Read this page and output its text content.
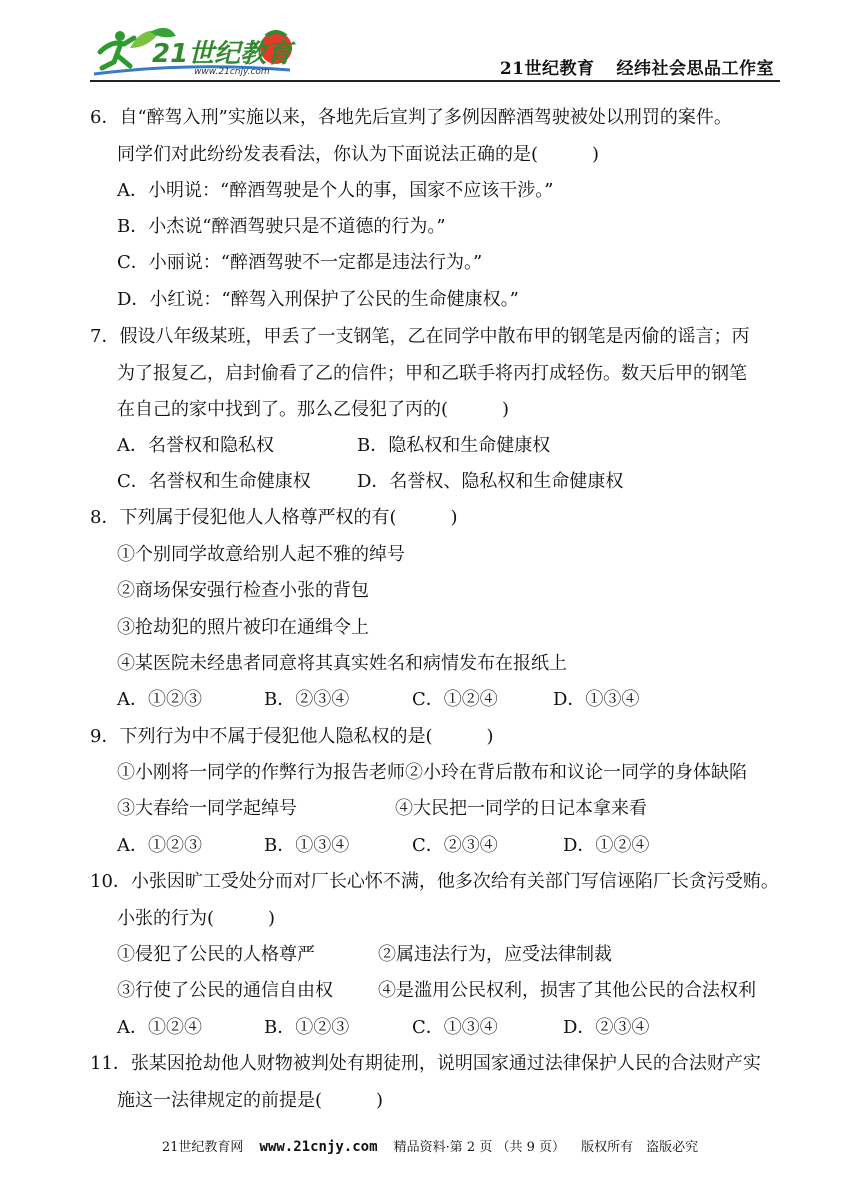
21世纪教育
www.21cnjy.com	21世纪教育 经纬社会思品工作室
6．自“醉驾入刑”实施以来，各地先后宣判了多例因醉酒驾驶被处以刑罚的案件。
同学们对此纷纷发表看法，你认为下面说法正确的是(　　　)
A．小明说：“醉酒驾驶是个人的事，国家不应该干涉。”
B．小杰说“醉酒驾驶只是不道德的行为。”
C．小丽说：“醉酒驾驶不一定都是违法行为。”
D．小红说：“醉驾入刑保护了公民的生命健康权。”
7．假设八年级某班，甲丢了一支钢笔，乙在同学中散布甲的钢笔是丙偷的谣言；丙
为了报复乙，启封偷看了乙的信件；甲和乙联手将丙打成轻伤。数天后甲的钢笔
在自己的家中找到了。那么乙侵犯了丙的(　　　)
A．名誉权和隐私权	B．隐私权和生命健康权
C．名誉权和生命健康权	D．名誉权、隐私权和生命健康权
8．下列属于侵犯他人人格尊严权的有(　　　)
①个别同学故意给别人起不雅的绰号
②商场保安强行检查小张的背包
③抢劫犯的照片被印在通缉令上
④某医院未经患者同意将其真实姓名和病情发布在报纸上
A．①②③	B．②③④	C．①②④	D．①③④
9．下列行为中不属于侵犯他人隐私权的是(　　　)
①小刚将一同学的作弊行为报告老师②小玲在背后散布和议论一同学的身体缺陷
③大春给一同学起绰号	④大民把一同学的日记本拿来看
A．①②③	B．①③④	C．②③④	D．①②④
10．小张因旷工受处分而对厂长心怀不满，他多次给有关部门写信诬陷厂长贪污受贿。
小张的行为(　　　)
①侵犯了公民的人格尊严	②属违法行为，应受法律制裁
③行使了公民的通信自由权	④是滥用公民权利，损害了其他公民的合法权利
A．①②④	B．①②③	C．①③④	D．②③④
11．张某因抢劫他人财物被判处有期徒刑，说明国家通过法律保护人民的合法财产实
施这一法律规定的前提是(　　　)
21世纪教育网 www.21cnjy.com 精品资料·第 2 页 （共 9 页） 版权所有　盗版必究
